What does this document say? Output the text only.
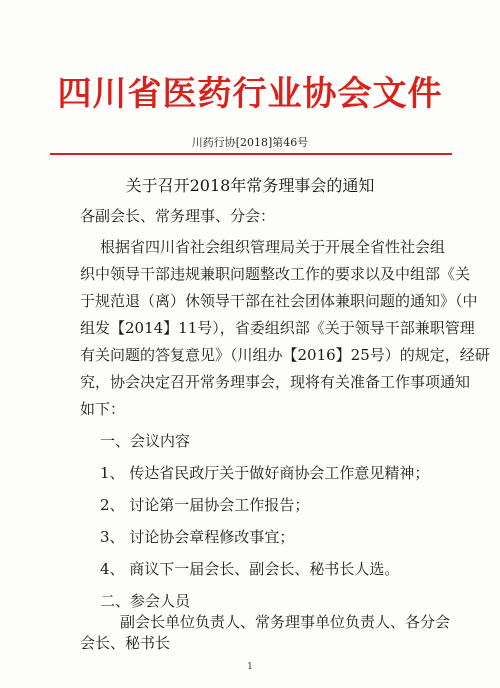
四川省医药行业协会文件
川药行协[2018]第46号
关于召开2018年常务理事会的通知
各副会长、常务理事、分会：
根据省四川省社会组织管理局关于开展全省性社会组
织中领导干部违规兼职问题整改工作的要求以及中组部《关
于规范退（离）休领导干部在社会团体兼职问题的通知》（中
组发【2014】11号），省委组织部《关于领导干部兼职管理
有关问题的答复意见》（川组办【2016】25号）的规定，经研
究，协会决定召开常务理事会，现将有关准备工作事项通知
如下：
一、会议内容
1、 传达省民政厅关于做好商协会工作意见精神；
2、 讨论第一届协会工作报告；
3、 讨论协会章程修改事宜；
4、 商议下一届会长、副会长、秘书长人选。
二、参会人员
副会长单位负责人、常务理事单位负责人、各分会
会长、秘书长
1
